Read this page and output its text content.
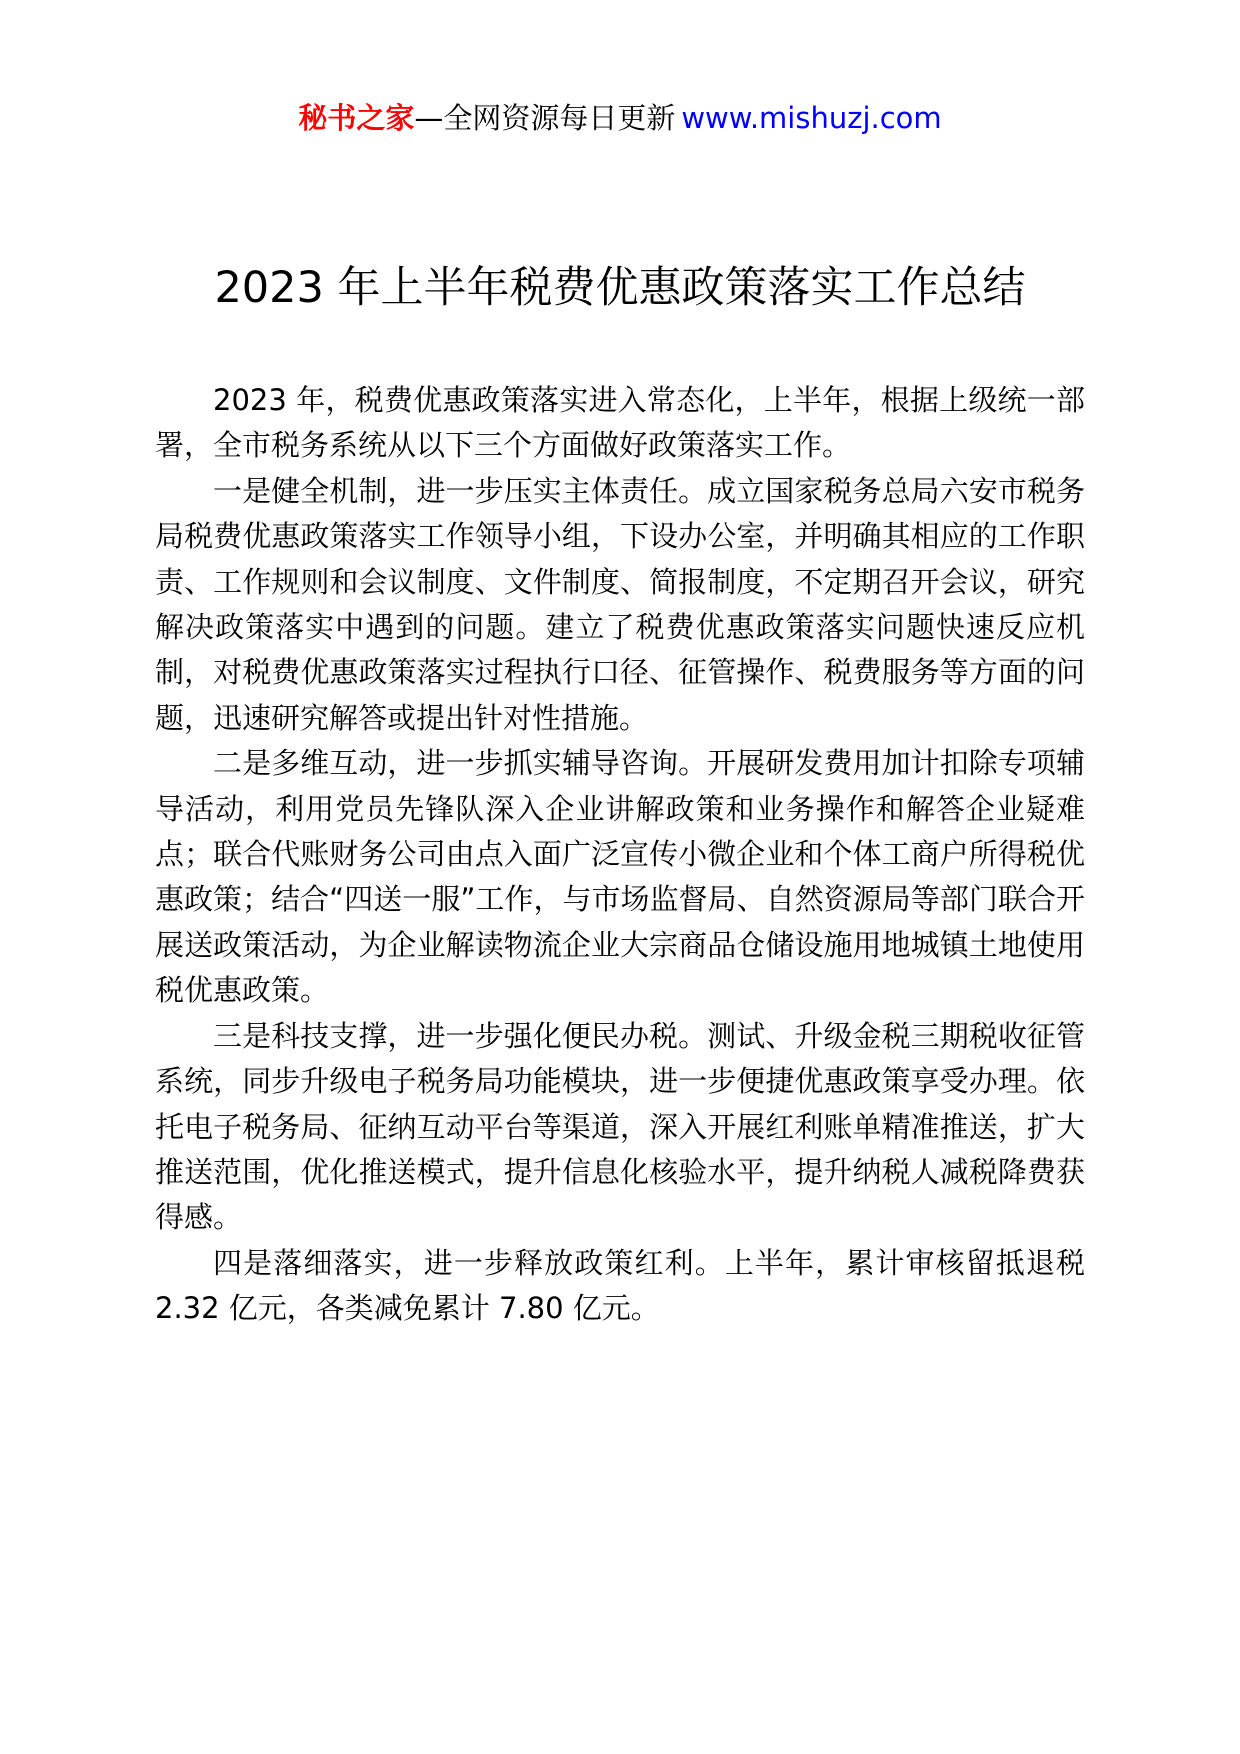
秘书之家—全网资源每日更新 www.mishuzj.com
2023 年上半年税费优惠政策落实工作总结

2023 年，税费优惠政策落实进入常态化，上半年，根据上级统一部署，全市税务系统从以下三个方面做好政策落实工作。

一是健全机制，进一步压实主体责任。成立国家税务总局六安市税务局税费优惠政策落实工作领导小组，下设办公室，并明确其相应的工作职责、工作规则和会议制度、文件制度、简报制度，不定期召开会议，研究解决政策落实中遇到的问题。建立了税费优惠政策落实问题快速反应机制，对税费优惠政策落实过程执行口径、征管操作、税费服务等方面的问题，迅速研究解答或提出针对性措施。

二是多维互动，进一步抓实辅导咨询。开展研发费用加计扣除专项辅导活动，利用党员先锋队深入企业讲解政策和业务操作和解答企业疑难点；联合代账财务公司由点入面广泛宣传小微企业和个体工商户所得税优惠政策；结合“四送一服”工作，与市场监督局、自然资源局等部门联合开展送政策活动，为企业解读物流企业大宗商品仓储设施用地城镇土地使用税优惠政策。

三是科技支撑，进一步强化便民办税。测试、升级金税三期税收征管系统，同步升级电子税务局功能模块，进一步便捷优惠政策享受办理。依托电子税务局、征纳互动平台等渠道，深入开展红利账单精准推送，扩大推送范围，优化推送模式，提升信息化核验水平，提升纳税人减税降费获得感。

四是落细落实，进一步释放政策红利。上半年，累计审核留抵退税 2.32 亿元，各类减免累计 7.80 亿元。
